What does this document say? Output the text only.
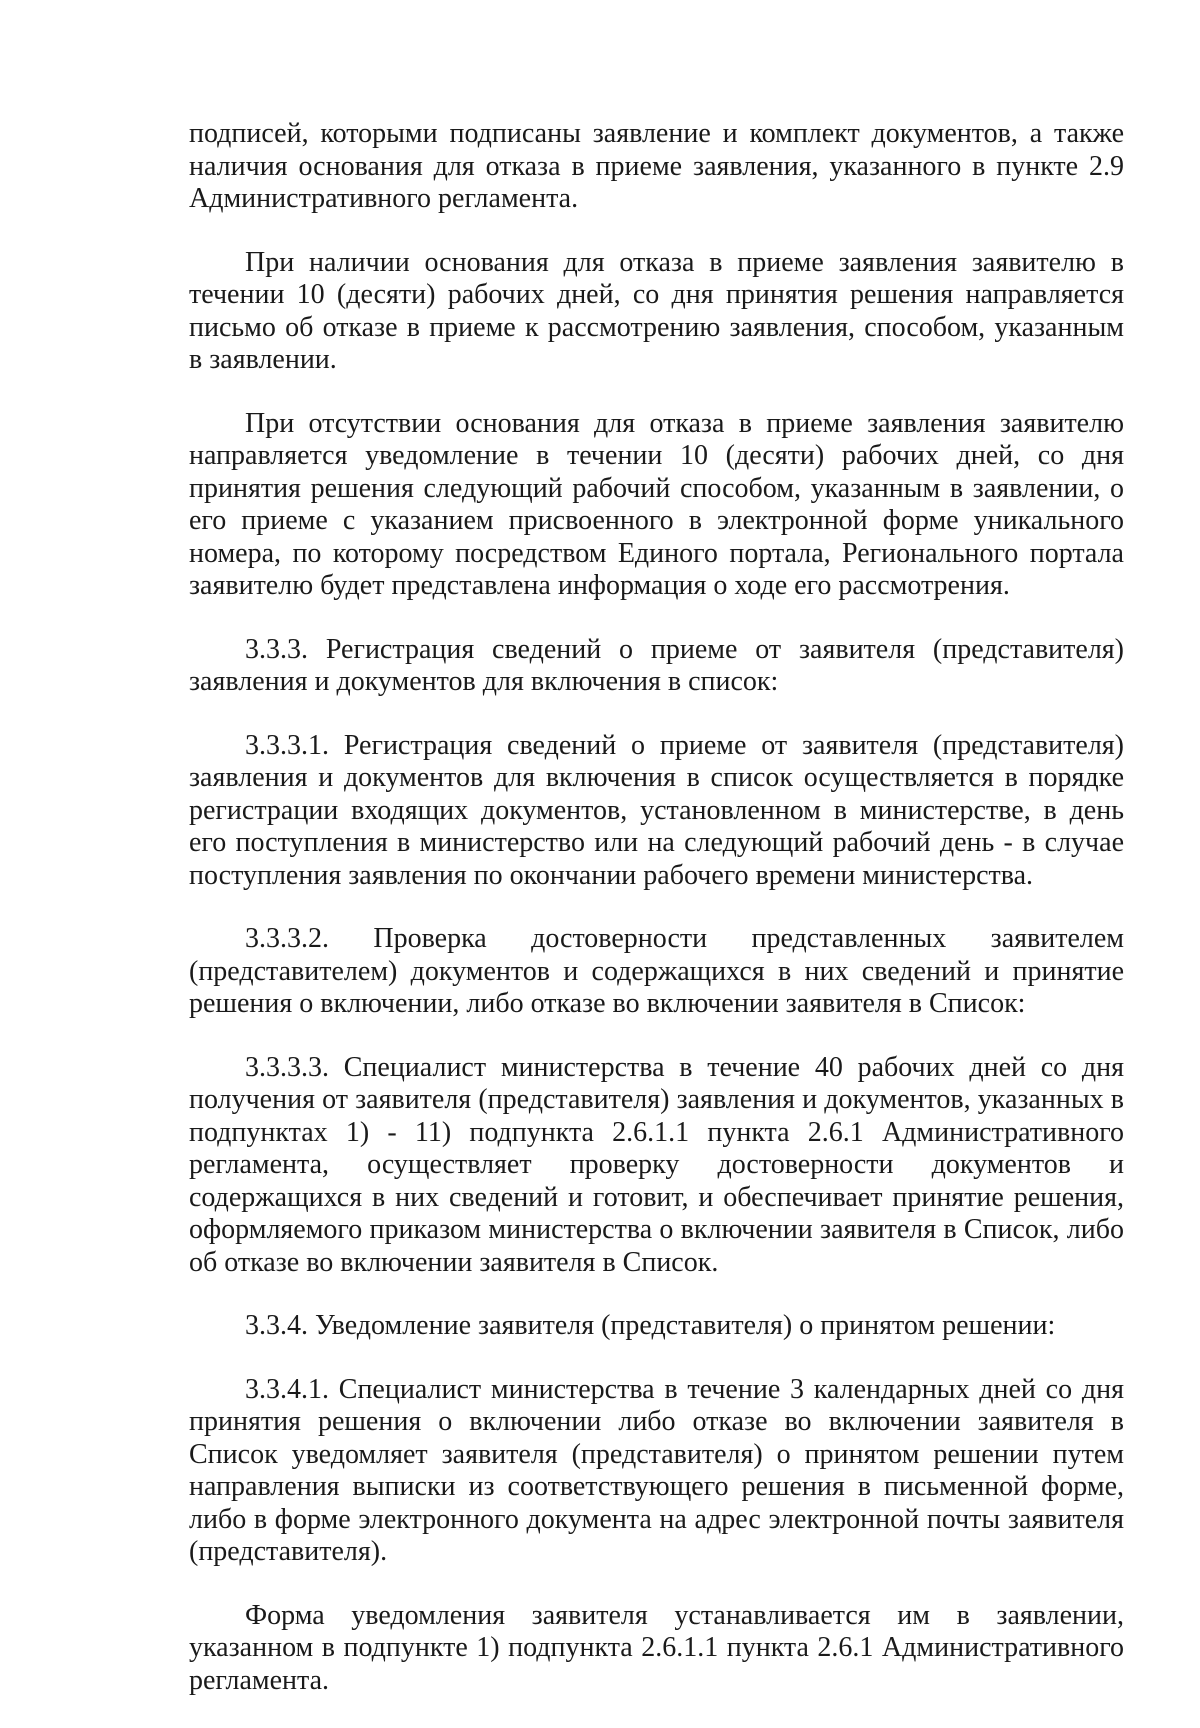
подписей, которыми подписаны заявление и комплект документов, а также наличия основания для отказа в приеме заявления, указанного в пункте 2.9 Административного регламента.

При наличии основания для отказа в приеме заявления заявителю в течении 10 (десяти) рабочих дней, со дня принятия решения направляется письмо об отказе в приеме к рассмотрению заявления, способом, указанным в заявлении.

При отсутствии основания для отказа в приеме заявления заявителю направляется уведомление в течении 10 (десяти) рабочих дней, со дня принятия решения следующий рабочий способом, указанным в заявлении, о его приеме с указанием присвоенного в электронной форме уникального номера, по которому посредством Единого портала, Регионального портала заявителю будет представлена информация о ходе его рассмотрения.

3.3.3. Регистрация сведений о приеме от заявителя (представителя) заявления и документов для включения в список:

3.3.3.1. Регистрация сведений о приеме от заявителя (представителя) заявления и документов для включения в список осуществляется в порядке регистрации входящих документов, установленном в министерстве, в день его поступления в министерство или на следующий рабочий день - в случае поступления заявления по окончании рабочего времени министерства.

3.3.3.2. Проверка достоверности представленных заявителем (представителем) документов и содержащихся в них сведений и принятие решения о включении, либо отказе во включении заявителя в Список:

3.3.3.3. Специалист министерства в течение 40 рабочих дней со дня получения от заявителя (представителя) заявления и документов, указанных в подпунктах 1) - 11) подпункта 2.6.1.1 пункта 2.6.1 Административного регламента, осуществляет проверку достоверности документов и содержащихся в них сведений и готовит, и обеспечивает принятие решения, оформляемого приказом министерства о включении заявителя в Список, либо об отказе во включении заявителя в Список.

3.3.4. Уведомление заявителя (представителя) о принятом решении:

3.3.4.1. Специалист министерства в течение 3 календарных дней со дня принятия решения о включении либо отказе во включении заявителя в Список уведомляет заявителя (представителя) о принятом решении путем направления выписки из соответствующего решения в письменной форме, либо в форме электронного документа на адрес электронной почты заявителя (представителя).

Форма уведомления заявителя устанавливается им в заявлении, указанном в подпункте 1) подпункта 2.6.1.1 пункта 2.6.1 Административного регламента.
